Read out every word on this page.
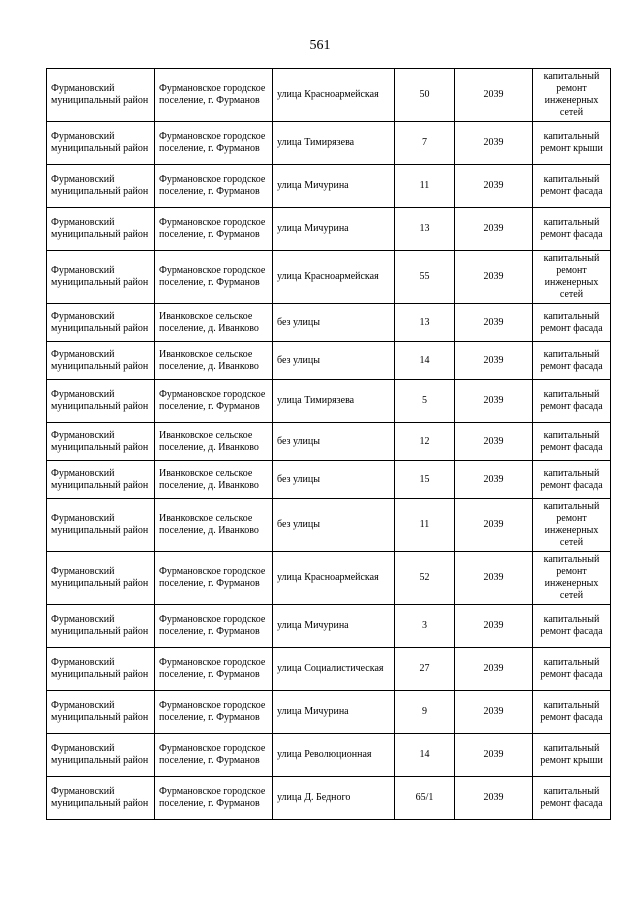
561
Фурмановский муниципальный район	Фурмановское городское поселение, г. Фурманов	улица Красноармейская	50	2039	капитальный ремонт инженерных сетей
Фурмановский муниципальный район	Фурмановское городское поселение, г. Фурманов	улица Тимирязева	7	2039	капитальный ремонт крыши
Фурмановский муниципальный район	Фурмановское городское поселение, г. Фурманов	улица Мичурина	11	2039	капитальный ремонт фасада
Фурмановский муниципальный район	Фурмановское городское поселение, г. Фурманов	улица Мичурина	13	2039	капитальный ремонт фасада
Фурмановский муниципальный район	Фурмановское городское поселение, г. Фурманов	улица Красноармейская	55	2039	капитальный ремонт инженерных сетей
Фурмановский муниципальный район	Иванковское сельское поселение, д. Иванково	без улицы	13	2039	капитальный ремонт фасада
Фурмановский муниципальный район	Иванковское сельское поселение, д. Иванково	без улицы	14	2039	капитальный ремонт фасада
Фурмановский муниципальный район	Фурмановское городское поселение, г. Фурманов	улица Тимирязева	5	2039	капитальный ремонт фасада
Фурмановский муниципальный район	Иванковское сельское поселение, д. Иванково	без улицы	12	2039	капитальный ремонт фасада
Фурмановский муниципальный район	Иванковское сельское поселение, д. Иванково	без улицы	15	2039	капитальный ремонт фасада
Фурмановский муниципальный район	Иванковское сельское поселение, д. Иванково	без улицы	11	2039	капитальный ремонт инженерных сетей
Фурмановский муниципальный район	Фурмановское городское поселение, г. Фурманов	улица Красноармейская	52	2039	капитальный ремонт инженерных сетей
Фурмановский муниципальный район	Фурмановское городское поселение, г. Фурманов	улица Мичурина	3	2039	капитальный ремонт фасада
Фурмановский муниципальный район	Фурмановское городское поселение, г. Фурманов	улица Социалистическая	27	2039	капитальный ремонт фасада
Фурмановский муниципальный район	Фурмановское городское поселение, г. Фурманов	улица Мичурина	9	2039	капитальный ремонт фасада
Фурмановский муниципальный район	Фурмановское городское поселение, г. Фурманов	улица Революционная	14	2039	капитальный ремонт крыши
Фурмановский муниципальный район	Фурмановское городское поселение, г. Фурманов	улица Д. Бедного	65/1	2039	капитальный ремонт фасада
